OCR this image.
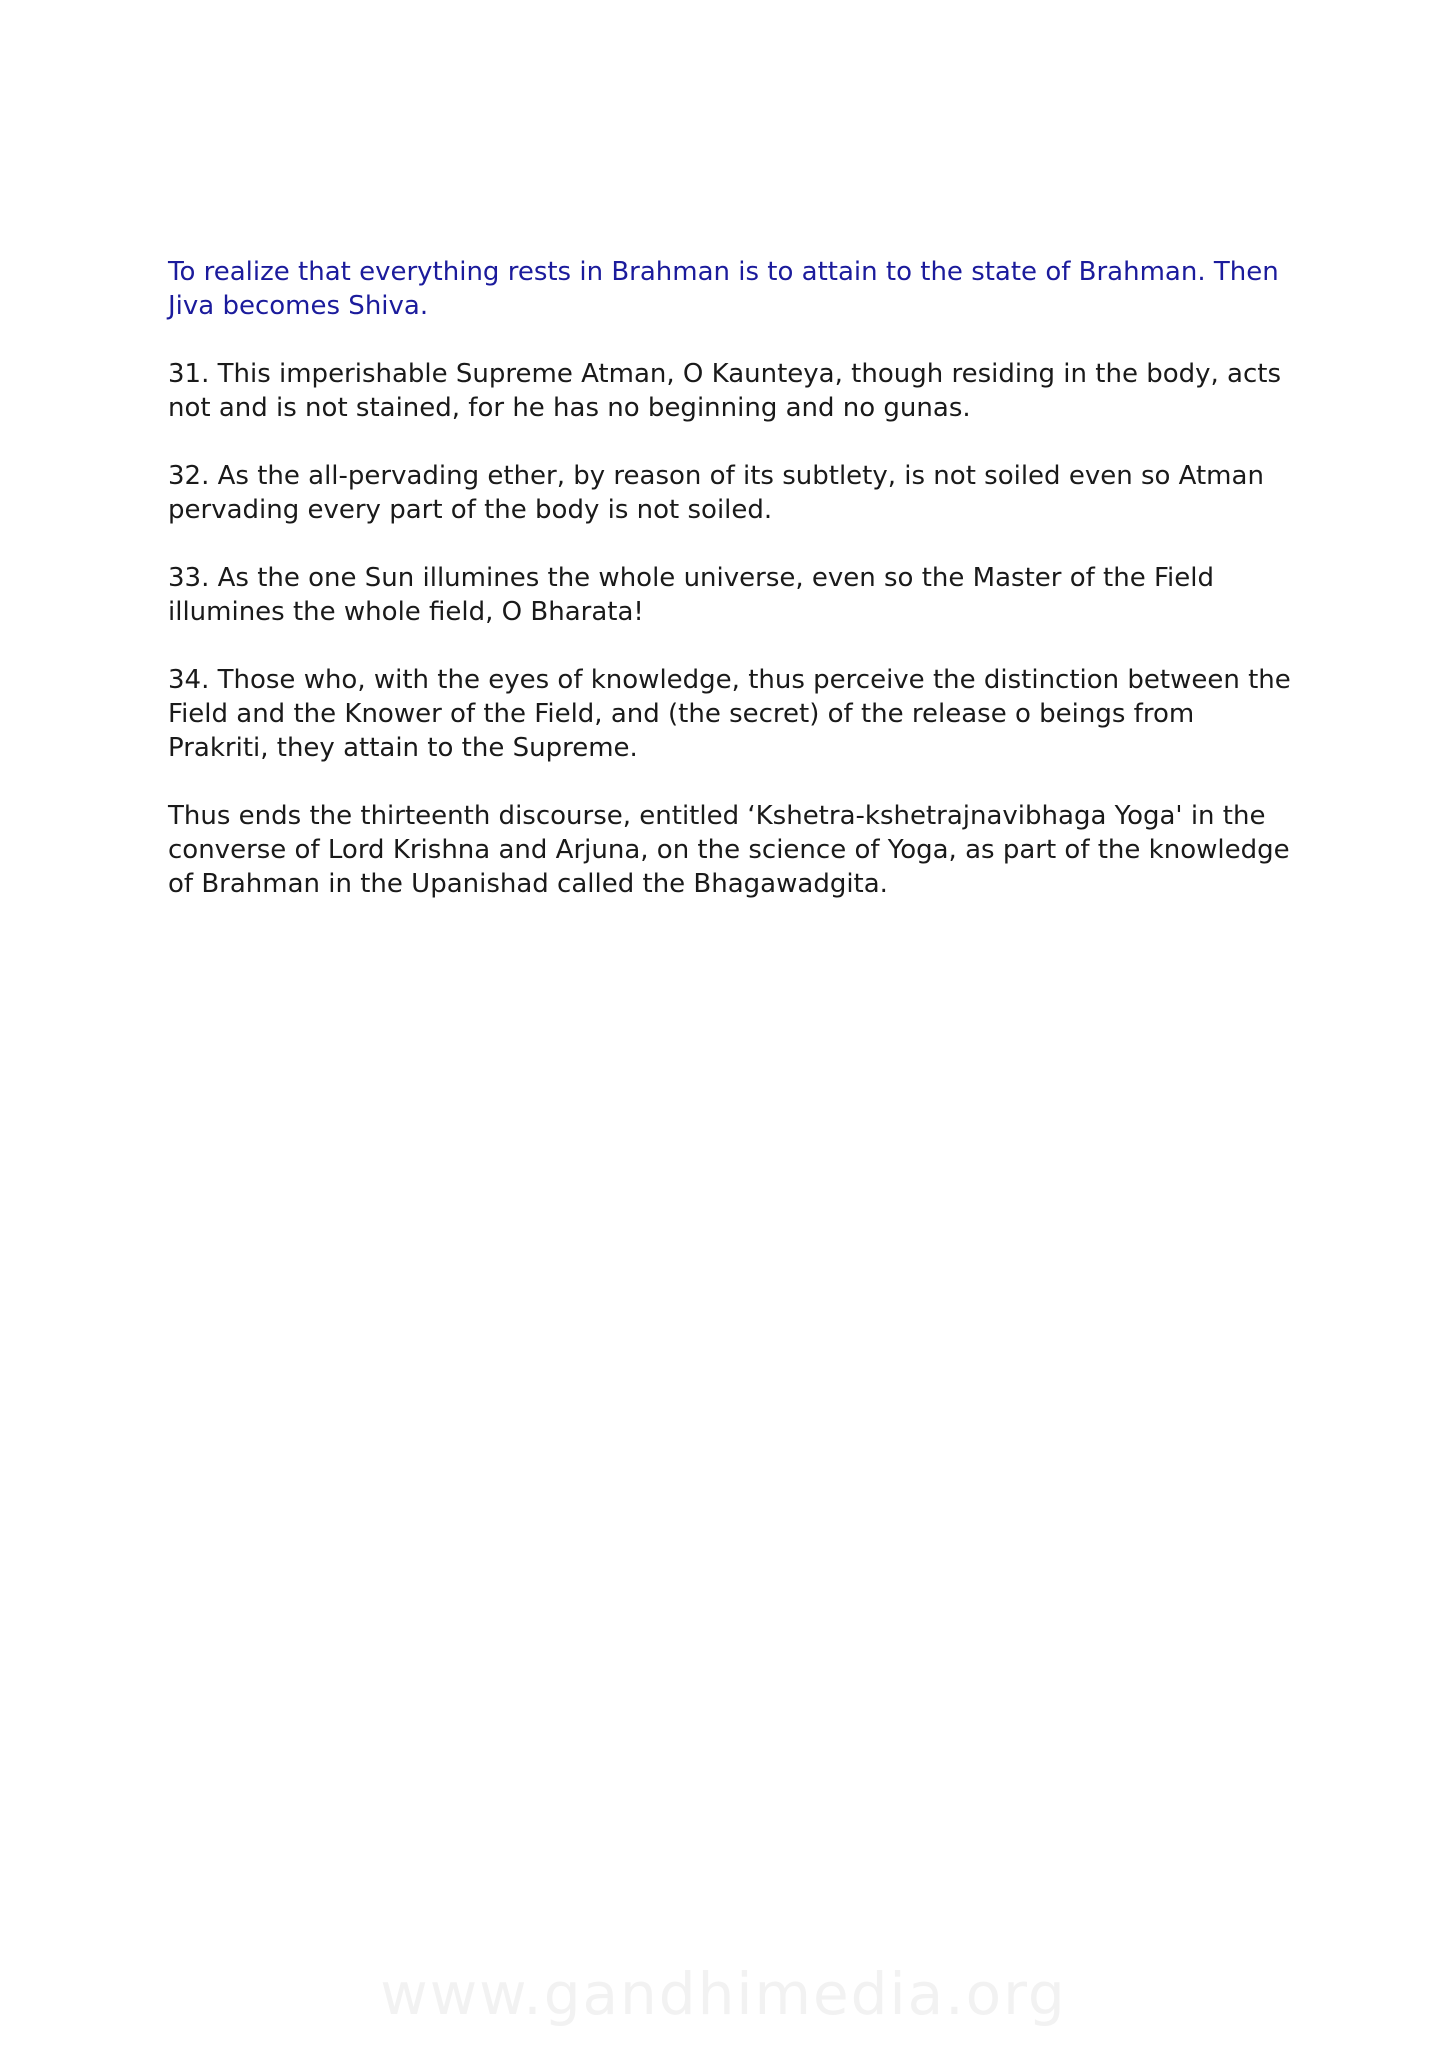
To realize that everything rests in Brahman is to attain to the state of Brahman. Then Jiva becomes Shiva.

31. This imperishable Supreme Atman, O Kaunteya, though residing in the body, acts not and is not stained, for he has no beginning and no gunas.

32. As the all-pervading ether, by reason of its subtlety, is not soiled even so Atman pervading every part of the body is not soiled.

33. As the one Sun illumines the whole universe, even so the Master of the Field illumines the whole field, O Bharata!

34. Those who, with the eyes of knowledge, thus perceive the distinction between the Field and the Knower of the Field, and (the secret) of the release o beings from Prakriti, they attain to the Supreme.

Thus ends the thirteenth discourse, entitled ‘Kshetra-kshetrajnavibhaga Yoga' in the converse of Lord Krishna and Arjuna, on the science of Yoga, as part of the knowledge of Brahman in the Upanishad called the Bhagawadgita.

www.gandhimedia.org
